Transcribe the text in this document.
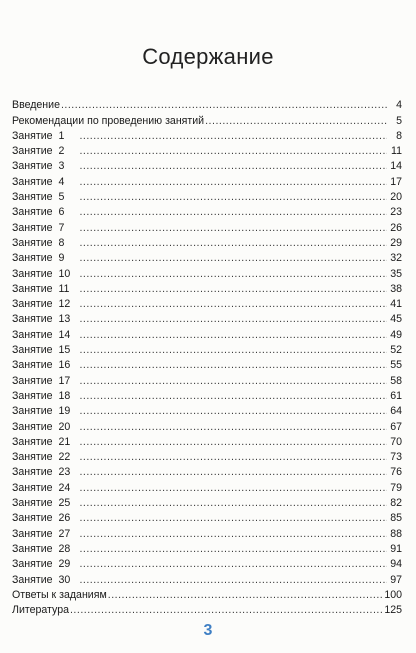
Содержание
Введение .....	4
Рекомендации по проведению занятий .....	5
Занятие 1 .....	8
Занятие 2 .....	11
Занятие 3 .....	14
Занятие 4 .....	17
Занятие 5 .....	20
Занятие 6 .....	23
Занятие 7 .....	26
Занятие 8 .....	29
Занятие 9 .....	32
Занятие 10 .....	35
Занятие 11 .....	38
Занятие 12 .....	41
Занятие 13 .....	45
Занятие 14 .....	49
Занятие 15 .....	52
Занятие 16 .....	55
Занятие 17 .....	58
Занятие 18 .....	61
Занятие 19 .....	64
Занятие 20 .....	67
Занятие 21 .....	70
Занятие 22 .....	73
Занятие 23 .....	76
Занятие 24 .....	79
Занятие 25 .....	82
Занятие 26 .....	85
Занятие 27 .....	88
Занятие 28 .....	91
Занятие 29 .....	94
Занятие 30 .....	97
Ответы к заданиям .....	100
Литература .....	125
3
